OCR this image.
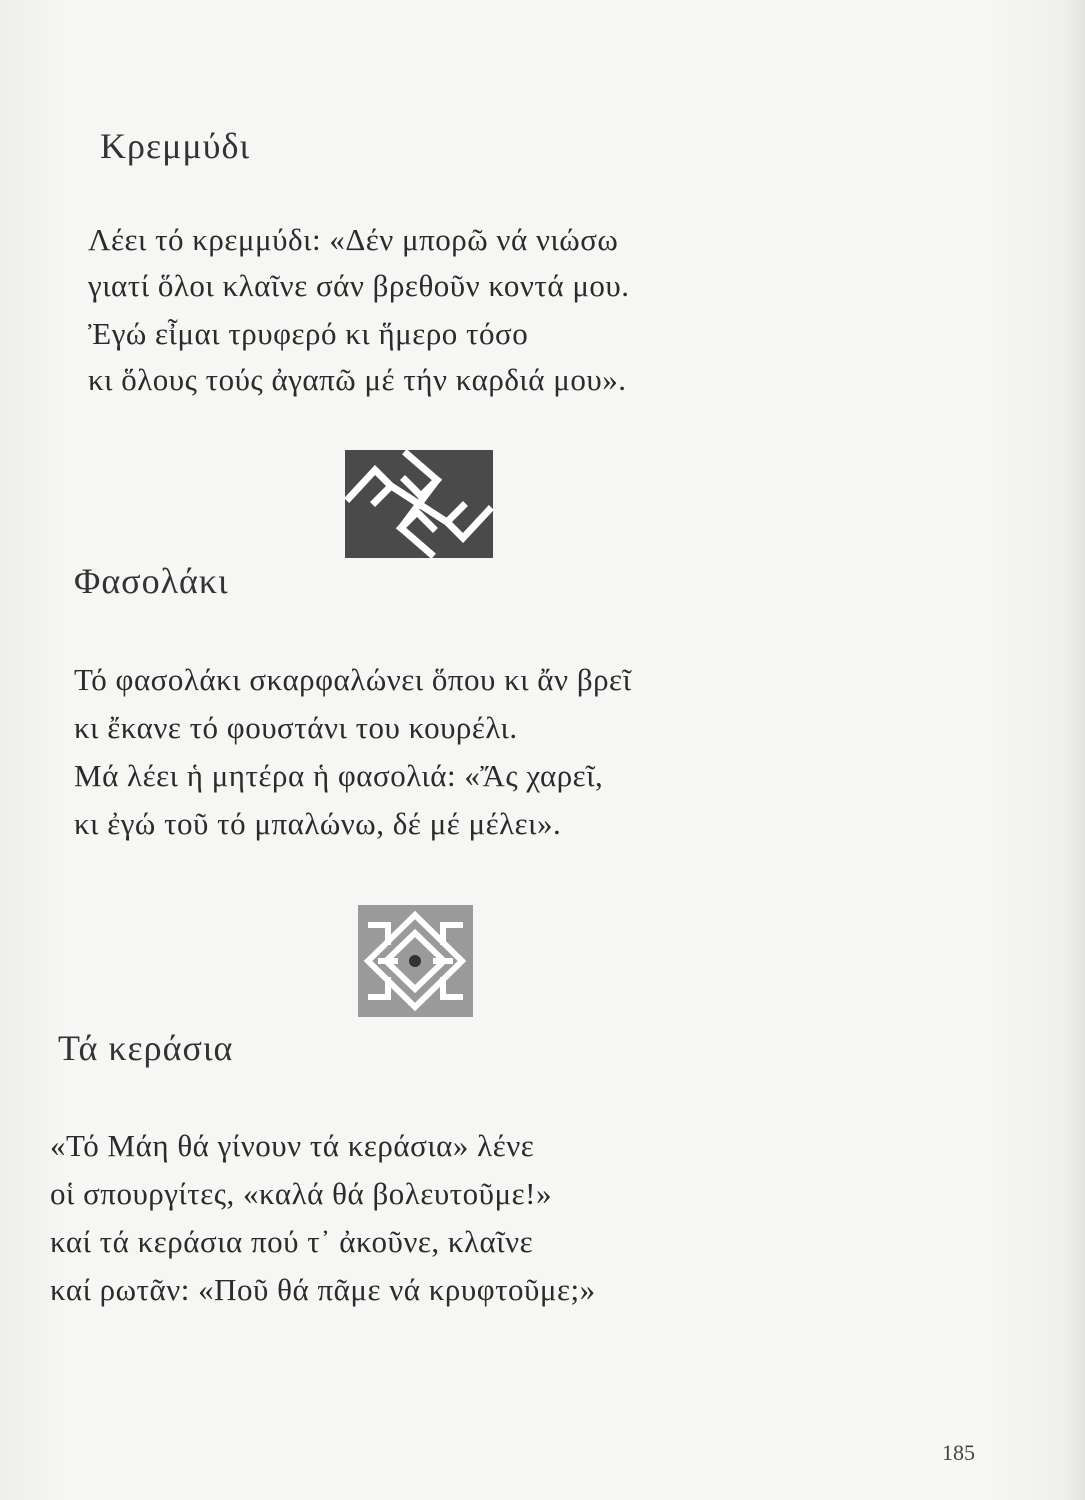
Κρεμμύδι

Λέει τό κρεμμύδι: «Δέν μπορῶ νά νιώσω

γιατί ὅλοι κλαῖνε σάν βρεθοῦν κοντά μου.

Ἐγώ εἶμαι τρυφερό κι ἥμερο τόσο

κι ὅλους τούς ἀγαπῶ μέ τήν καρδιά μου».

Φασολάκι

Τό φασολάκι σκαρφαλώνει ὅπου κι ἄν βρεῖ

κι ἔκανε τό φουστάνι του κουρέλι.

Μά λέει ἡ μητέρα ἡ φασολιά: «Ἄς χαρεῖ,

κι ἐγώ τοῦ τό μπαλώνω, δέ μέ μέλει».

Τά κεράσια

«Τό Μάη θά γίνουν τά κεράσια» λένε

οἱ σπουργίτες, «καλά θά βολευτοῦμε!»

καί τά κεράσια πού τ᾿ ἀκοῦνε, κλαῖνε

καί ρωτᾶν: «Ποῦ θά πᾶμε νά κρυφτοῦμε;»

185
